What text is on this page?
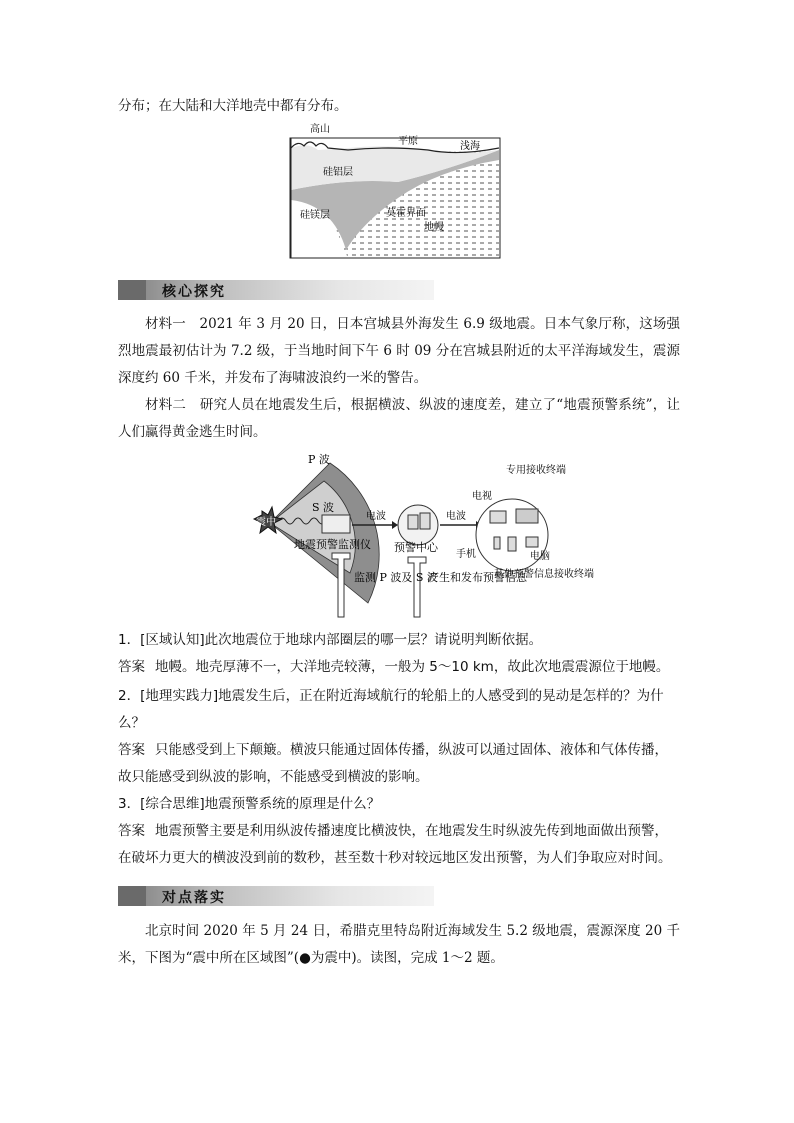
分布；在大陆和大洋地壳中都有分布。
高山
平原	浅海
硅铝层
硅镁层	莫霍界面
地幔
核心探究
材料一　2021 年 3 月 20 日，日本宫城县外海发生 6.9 级地震。日本气象厅称，这场强烈地震最初估计为 7.2 级，于当地时间下午 6 时 09 分在宫城县附近的太平洋海域发生，震源深度约 60 千米，并发布了海啸波浪约一米的警告。
材料二　研究人员在地震发生后，根据横波、纵波的速度差，建立了“地震预警系统”，让人们赢得黄金逃生时间。
震中
P 波
S 波
地震预警监测仪
电波
预警中心
电波
电视
专用接收终端
手机	电脑
其他预警信息接收终端
监测 P 波及 S 波
产生和发布预警信息
1．[区域认知]此次地震位于地球内部圈层的哪一层？请说明判断依据。
答案 地幔。地壳厚薄不一，大洋地壳较薄，一般为 5～10 km，故此次地震震源位于地幔。
2．[地理实践力]地震发生后，正在附近海域航行的轮船上的人感受到的晃动是怎样的？为什么？
答案 只能感受到上下颠簸。横波只能通过固体传播，纵波可以通过固体、液体和气体传播，故只能感受到纵波的影响，不能感受到横波的影响。
3．[综合思维]地震预警系统的原理是什么？
答案 地震预警主要是利用纵波传播速度比横波快，在地震发生时纵波先传到地面做出预警，在破坏力更大的横波没到前的数秒，甚至数十秒对较远地区发出预警，为人们争取应对时间。
对点落实
北京时间 2020 年 5 月 24 日，希腊克里特岛附近海域发生 5.2 级地震，震源深度 20 千米，下图为“震中所在区域图”(●为震中)。读图，完成 1～2 题。
